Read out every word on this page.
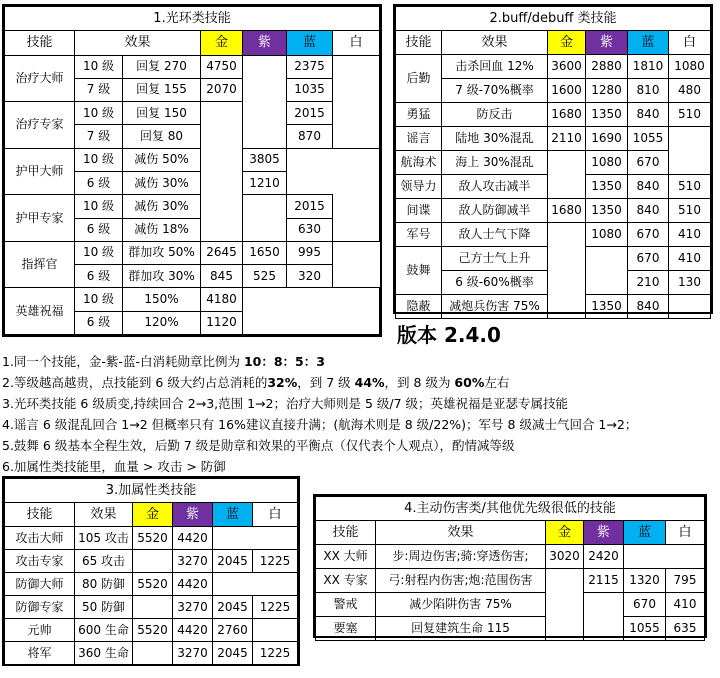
1.光环类技能						
技能	效果		金	紫	蓝	白
治疗大师	10 级	回复 270	4750		2375	
	7 级	回复 155	2070		1035	
治疗专家	10 级	回复 150			2015	
	7 级	回复 80			870	
护甲大师	10 级	减伤 50%		3805		
	6 级	减伤 30%		1210		
护甲专家	10 级	减伤 30%			2015	
	6 级	减伤 18%			630	
指挥官	10 级	群加攻 50%	2645	1650	995	
	6 级	群加攻 30%	845	525	320	
英雄祝福	10 级	150%	4180			
	6 级	120%	1120			
2.buff/debuff 类技能					
技能	效果	金	紫	蓝	白
后勤	击杀回血 12%	3600	2880	1810	1080
	7 级-70%概率	1600	1280	810	480
勇猛	防反击	1680	1350	840	510
谣言	陆地 30%混乱	2110	1690	1055	
航海术	海上 30%混乱		1080	670	
领导力	敌人攻击减半		1350	840	510
间谍	敌人防御减半	1680	1350	840	510
军号	敌人士气下降		1080	670	410
鼓舞	己方士气上升			670	410
	6 级-60%概率			210	130
隐蔽	减炮兵伤害 75%		1350	840	
版本 2.4.0
1.同一个技能，金-紫-蓝-白消耗勋章比例为 10：8：5：3
2.等级越高越贵，点技能到 6 级大约占总消耗的32%，到 7 级 44%，到 8 级为 60%左右
3.光环类技能 6 级质变,持续回合 2→3,范围 1→2；治疗大师则是 5 级/7 级；英雄祝福是亚瑟专属技能
4.谣言 6 级混乱回合 1→2 但概率只有 16%建议直接升满；(航海术则是 8 级/22%)；军号 8 级减士气回合 1→2；
5.鼓舞 6 级基本全程生效，后勤 7 级是勋章和效果的平衡点（仅代表个人观点），酌情减等级
6.加属性类技能里，血量 > 攻击 > 防御
3.加属性类技能					
技能	效果	金	紫	蓝	白
攻击大师	105 攻击	5520	4420		
攻击专家	65 攻击		3270	2045	1225
防御大师	80 防御	5520	4420		
防御专家	50 防御		3270	2045	1225
元帅	600 生命	5520	4420	2760	
将军	360 生命		3270	2045	1225
4.主动伤害类/其他优先级很低的技能					
技能	效果	金	紫	蓝	白
XX 大师	步:周边伤害;骑:穿透伤害;	3020	2420		
XX 专家	弓:射程内伤害;炮:范围伤害		2115	1320	795
警戒	减少陷阱伤害 75%			670	410
要塞	回复建筑生命 115			1055	635
